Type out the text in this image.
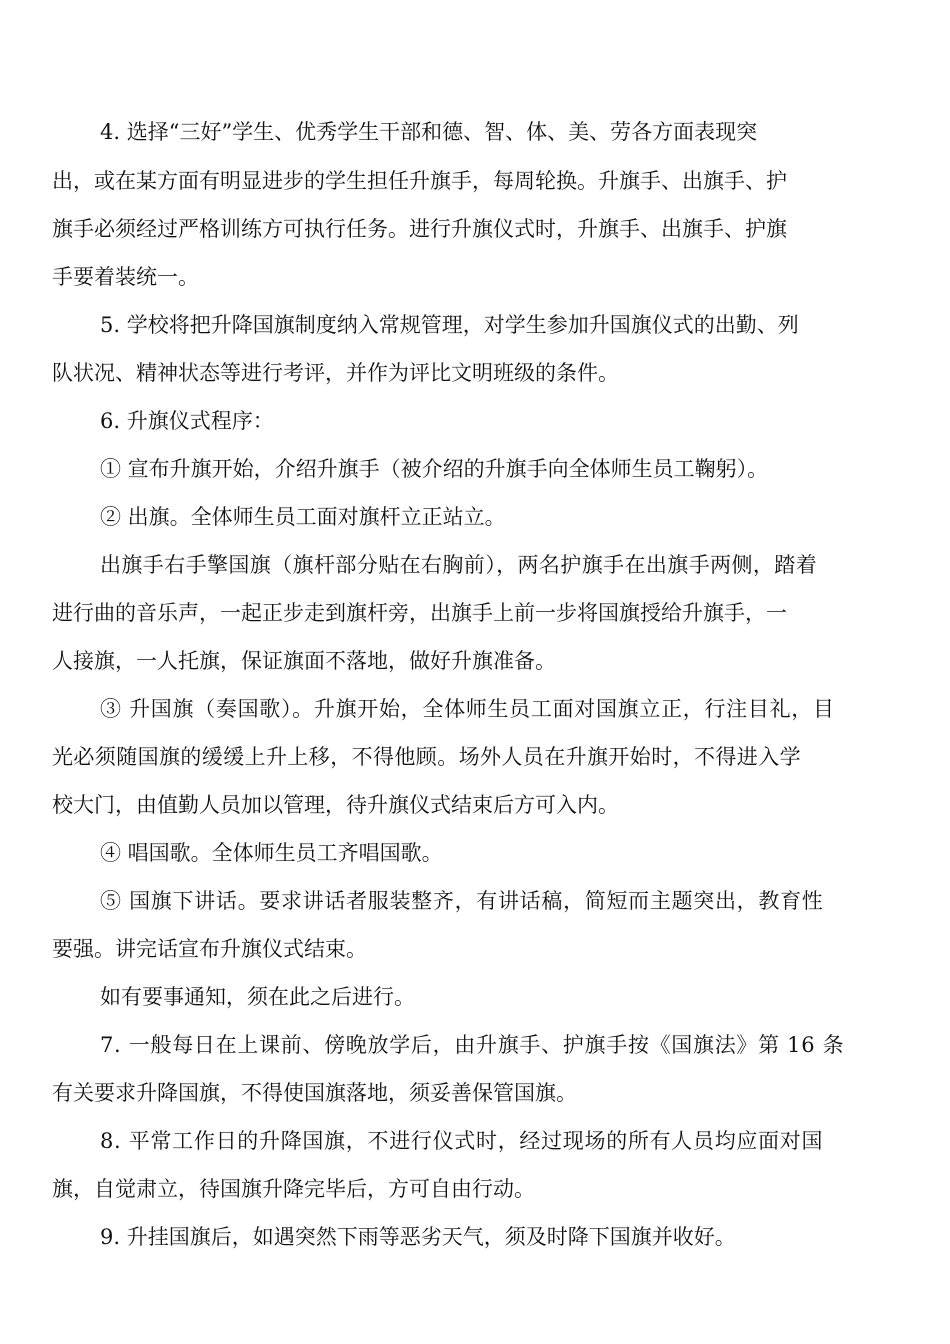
4. 选择“三好”学生、优秀学生干部和德、智、体、美、劳各方面表现突
出，或在某方面有明显进步的学生担任升旗手，每周轮换。升旗手、出旗手、护
旗手必须经过严格训练方可执行任务。进行升旗仪式时，升旗手、出旗手、护旗
手要着装统一。
5. 学校将把升降国旗制度纳入常规管理，对学生参加升国旗仪式的出勤、列
队状况、精神状态等进行考评，并作为评比文明班级的条件。
6. 升旗仪式程序：
① 宣布升旗开始，介绍升旗手（被介绍的升旗手向全体师生员工鞠躬）。
② 出旗。全体师生员工面对旗杆立正站立。
出旗手右手擎国旗（旗杆部分贴在右胸前），两名护旗手在出旗手两侧，踏着
进行曲的音乐声，一起正步走到旗杆旁，出旗手上前一步将国旗授给升旗手，一
人接旗，一人托旗，保证旗面不落地，做好升旗准备。
③ 升国旗（奏国歌）。升旗开始，全体师生员工面对国旗立正，行注目礼，目
光必须随国旗的缓缓上升上移，不得他顾。场外人员在升旗开始时，不得进入学
校大门，由值勤人员加以管理，待升旗仪式结束后方可入内。
④ 唱国歌。全体师生员工齐唱国歌。
⑤ 国旗下讲话。要求讲话者服装整齐，有讲话稿，简短而主题突出，教育性
要强。讲完话宣布升旗仪式结束。
如有要事通知，须在此之后进行。
7. 一般每日在上课前、傍晚放学后，由升旗手、护旗手按《国旗法》第 16 条
有关要求升降国旗，不得使国旗落地，须妥善保管国旗。
8. 平常工作日的升降国旗，不进行仪式时，经过现场的所有人员均应面对国
旗，自觉肃立，待国旗升降完毕后，方可自由行动。
9. 升挂国旗后，如遇突然下雨等恶劣天气，须及时降下国旗并收好。
